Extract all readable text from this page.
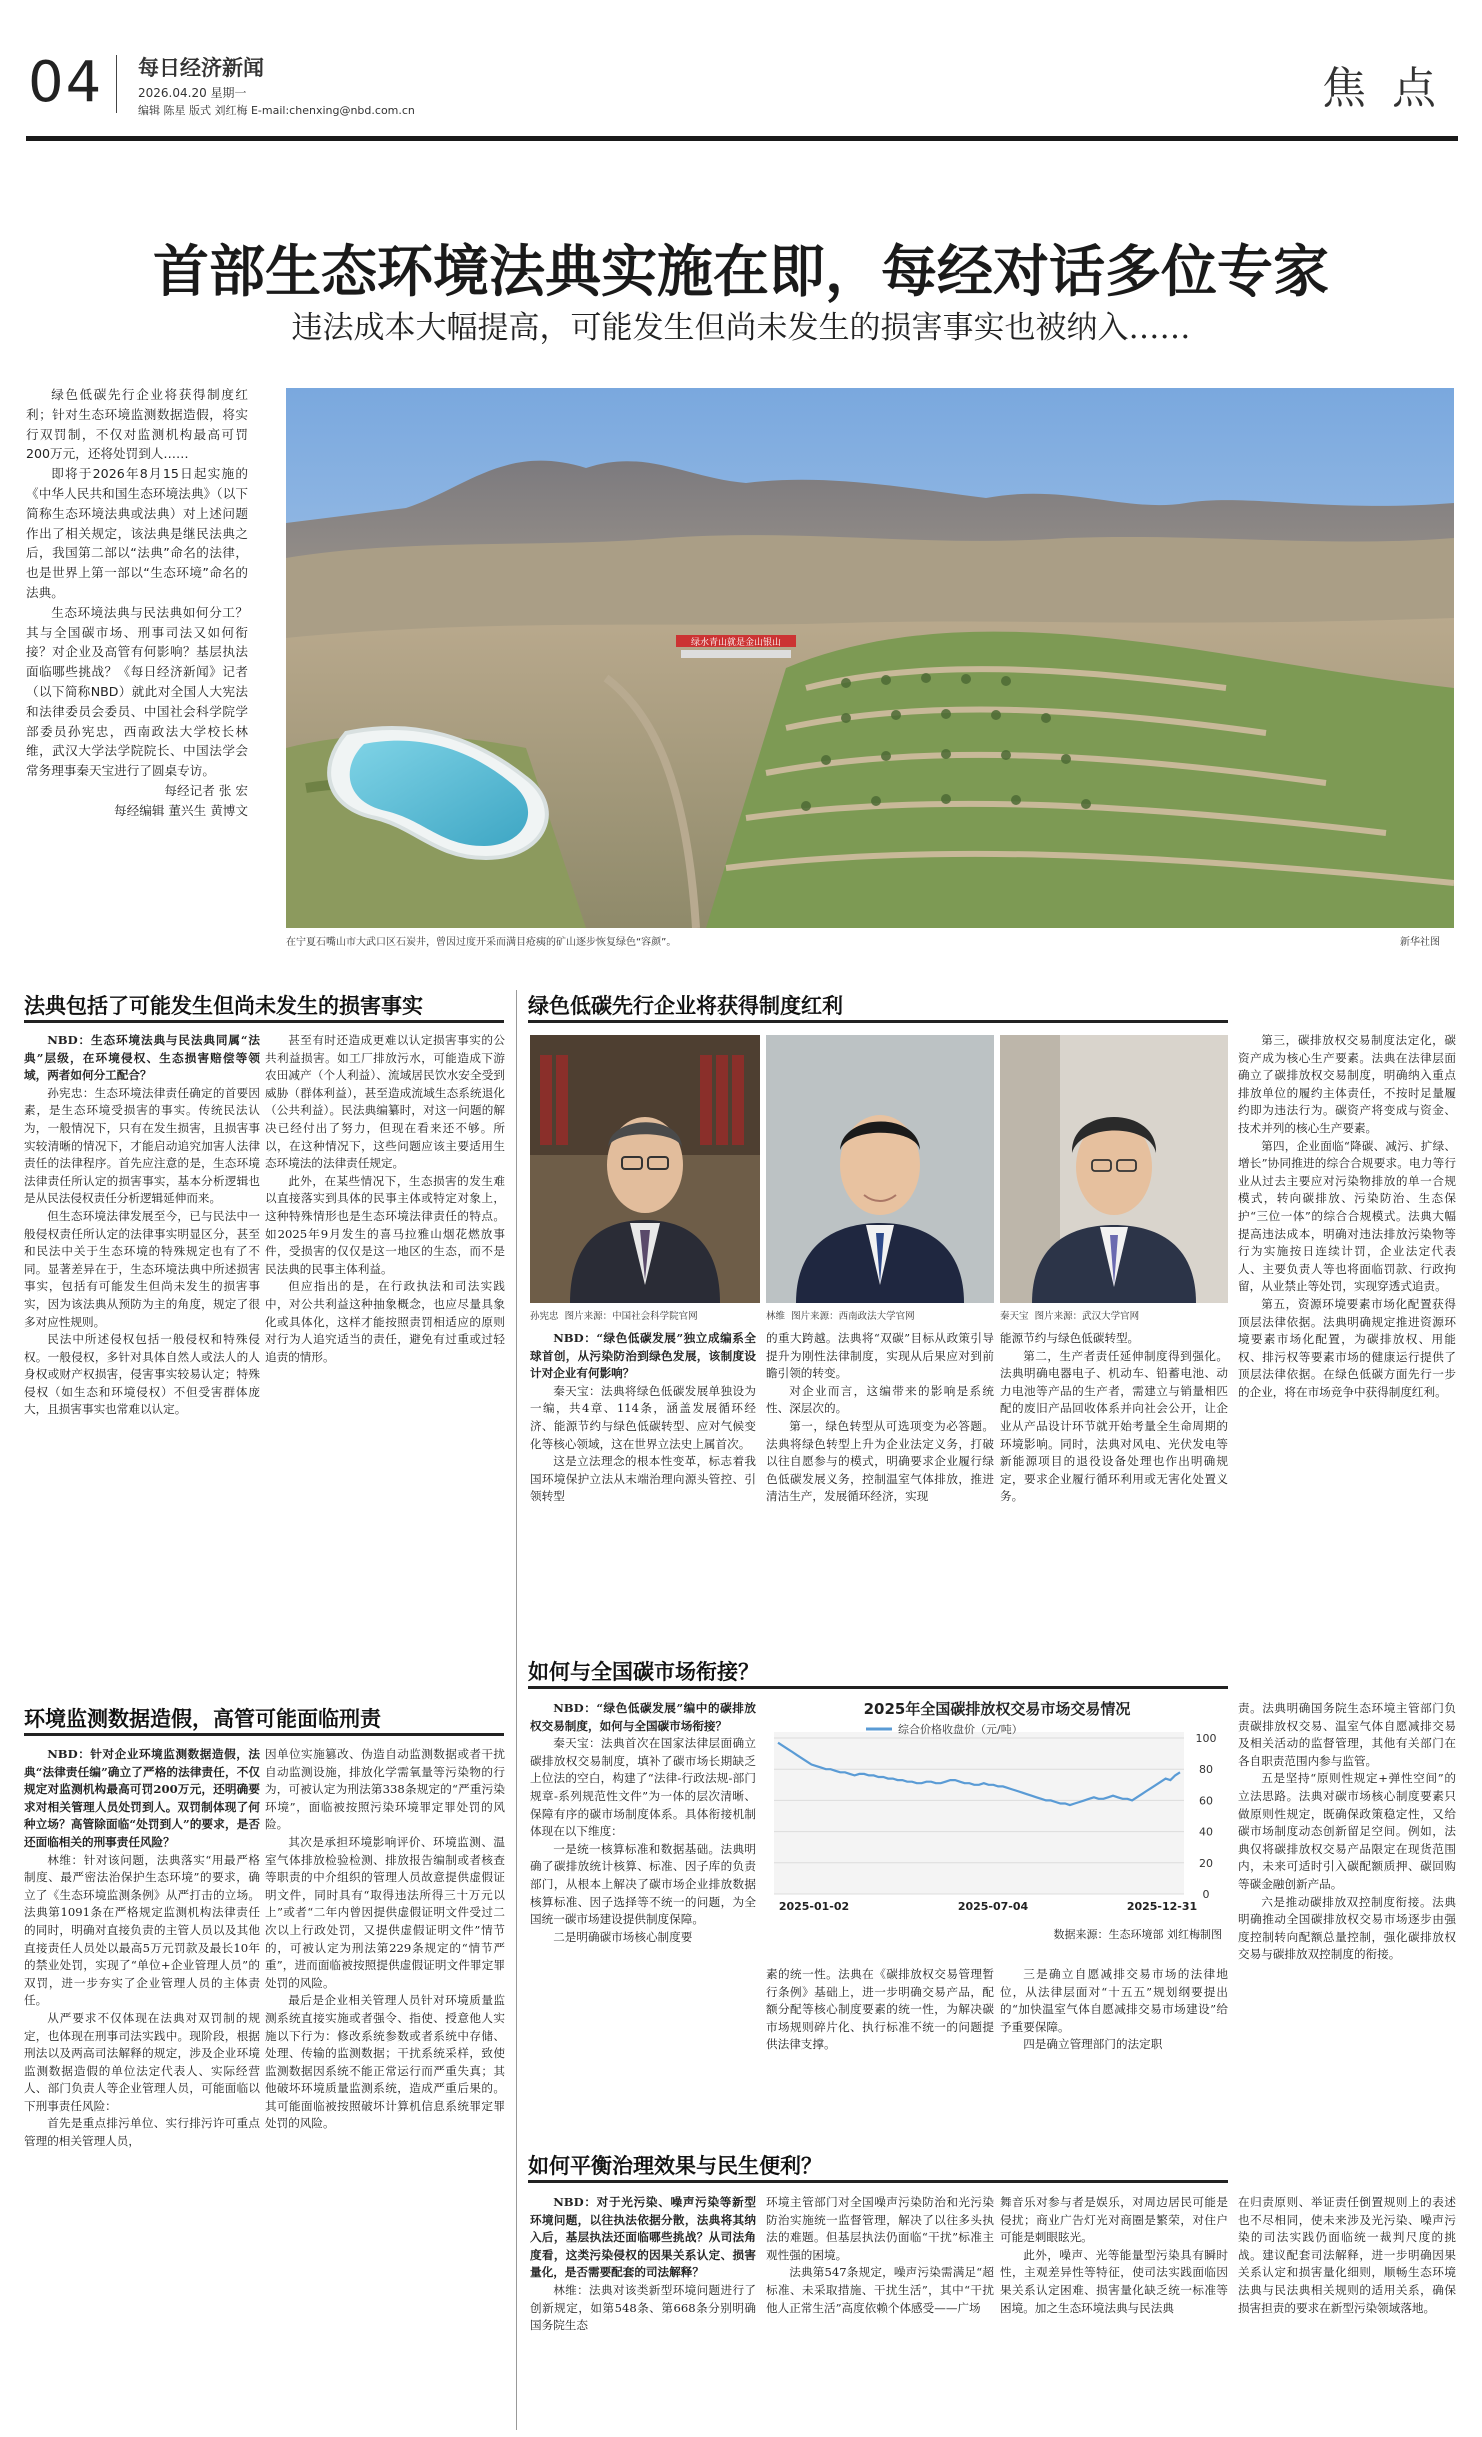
04 每日经济新闻
2026.04.20 星期一
编辑 陈星 版式 刘红梅 E-mail:chenxing@nbd.com.cn	焦 点
首部生态环境法典实施在即，每经对话多位专家
违法成本大幅提高，可能发生但尚未发生的损害事实也被纳入……

绿色低碳先行企业将获得制度红利；针对生态环境监测数据造假，将实行双罚制，不仅对监测机构最高可罚200万元，还将处罚到人……

即将于2026年8月15日起实施的《中华人民共和国生态环境法典》（以下简称生态环境法典或法典）对上述问题作出了相关规定，该法典是继民法典之后，我国第二部以“法典”命名的法律，也是世界上第一部以“生态环境”命名的法典。

生态环境法典与民法典如何分工？其与全国碳市场、刑事司法又如何衔接？对企业及高管有何影响？基层执法面临哪些挑战？《每日经济新闻》记者（以下简称NBD）就此对全国人大宪法和法律委员会委员、中国社会科学院学部委员孙宪忠，西南政法大学校长林维，武汉大学法学院院长、中国法学会常务理事秦天宝进行了圆桌专访。

每经记者 张 宏

每经编辑 董兴生 黄博文

绿水青山就是金山银山
在宁夏石嘴山市大武口区石炭井，曾因过度开采而满目疮痍的矿山逐步恢复绿色“容颜”。	新华社图
法典包括了可能发生但尚未发生的损害事实

NBD：生态环境法典与民法典同属“法典”层级，在环境侵权、生态损害赔偿等领域，两者如何分工配合？

孙宪忠：生态环境法律责任确定的首要因素，是生态环境受损害的事实。传统民法认为，一般情况下，只有在发生损害，且损害事实较清晰的情况下，才能启动追究加害人法律责任的法律程序。首先应注意的是，生态环境法律责任所认定的损害事实，基本分析逻辑也是从民法侵权责任分析逻辑延伸而来。

但生态环境法律发展至今，已与民法中一般侵权责任所认定的法律事实明显区分，甚至和民法中关于生态环境的特殊规定也有了不同。显著差异在于，生态环境法典中所述损害事实，包括有可能发生但尚未发生的损害事实，因为该法典从预防为主的角度，规定了很多对应性规则。

民法中所述侵权包括一般侵权和特殊侵权。一般侵权，多针对具体自然人或法人的人身权或财产权损害，侵害事实较易认定；特殊侵权（如生态和环境侵权）不但受害群体庞大，且损害事实也常难以认定。

甚至有时还造成更难以认定损害事实的公共利益损害。如工厂排放污水，可能造成下游农田减产（个人利益）、流域居民饮水安全受到威胁（群体利益），甚至造成流域生态系统退化（公共利益）。民法典编纂时，对这一问题的解决已经付出了努力，但现在看来还不够。所以，在这种情况下，这些问题应该主要适用生态环境法的法律责任规定。

此外，在某些情况下，生态损害的发生难以直接落实到具体的民事主体或特定对象上，这种特殊情形也是生态环境法律责任的特点。如2025年9月发生的喜马拉雅山烟花燃放事件，受损害的仅仅是这一地区的生态，而不是民法典的民事主体利益。

但应指出的是，在行政执法和司法实践中，对公共利益这种抽象概念，也应尽量具象化或具体化，这样才能按照责罚相适应的原则对行为人追究适当的责任，避免有过重或过轻追责的情形。

环境监测数据造假，高管可能面临刑责

NBD：针对企业环境监测数据造假，法典“法律责任编”确立了严格的法律责任，不仅规定对监测机构最高可罚200万元，还明确要求对相关管理人员处罚到人。双罚制体现了何种立场？高管除面临“处罚到人”的要求，是否还面临相关的刑事责任风险？

林维：针对该问题，法典落实“用最严格制度、最严密法治保护生态环境”的要求，确立了《生态环境监测条例》从严打击的立场。法典第1091条在严格规定监测机构法律责任的同时，明确对直接负责的主管人员以及其他直接责任人员处以最高5万元罚款及最长10年的禁业处罚，实现了“单位+企业管理人员”的双罚，进一步夯实了企业管理人员的主体责任。

从严要求不仅体现在法典对双罚制的规定，也体现在刑事司法实践中。现阶段，根据刑法以及两高司法解释的规定，涉及企业环境监测数据造假的单位法定代表人、实际经营人、部门负责人等企业管理人员，可能面临以下刑事责任风险：

首先是重点排污单位、实行排污许可重点管理的相关管理人员，

因单位实施篡改、伪造自动监测数据或者干扰自动监测设施，排放化学需氧量等污染物的行为，可被认定为刑法第338条规定的“严重污染环境”，面临被按照污染环境罪定罪处罚的风险。

其次是承担环境影响评价、环境监测、温室气体排放检验检测、排放报告编制或者核查等职责的中介组织的管理人员故意提供虚假证明文件，同时具有“取得违法所得三十万元以上”或者“二年内曾因提供虚假证明文件受过二次以上行政处罚，又提供虚假证明文件”情节的，可被认定为刑法第229条规定的“情节严重”，进而面临被按照提供虚假证明文件罪定罪处罚的风险。

最后是企业相关管理人员针对环境质量监测系统直接实施或者强令、指使、授意他人实施以下行为：修改系统参数或者系统中存储、处理、传输的监测数据；干扰系统采样，致使监测数据因系统不能正常运行而严重失真；其他破坏环境质量监测系统，造成严重后果的。其可能面临被按照破坏计算机信息系统罪定罪处罚的风险。

绿色低碳先行企业将获得制度红利
孙宪忠 图片来源：中国社会科学院官网	林维 图片来源：西南政法大学官网	秦天宝 图片来源：武汉大学官网

NBD：“绿色低碳发展”独立成编系全球首创，从污染防治到绿色发展，该制度设计对企业有何影响？

秦天宝：法典将绿色低碳发展单独设为一编，共4章、114条，涵盖发展循环经济、能源节约与绿色低碳转型、应对气候变化等核心领域，这在世界立法史上属首次。

这是立法理念的根本性变革，标志着我国环境保护立法从末端治理向源头管控、引领转型

的重大跨越。法典将“双碳”目标从政策引导提升为刚性法律制度，实现从后果应对到前瞻引领的转变。

对企业而言，这编带来的影响是系统性、深层次的。

第一，绿色转型从可选项变为必答题。法典将绿色转型上升为企业法定义务，打破以往自愿参与的模式，明确要求企业履行绿色低碳发展义务，控制温室气体排放，推进清洁生产，发展循环经济，实现

能源节约与绿色低碳转型。

第二，生产者责任延伸制度得到强化。法典明确电器电子、机动车、铅蓄电池、动力电池等产品的生产者，需建立与销量相匹配的废旧产品回收体系并向社会公开，让企业从产品设计环节就开始考量全生命周期的环境影响。同时，法典对风电、光伏发电等新能源项目的退役设备处理也作出明确规定，要求企业履行循环利用或无害化处置义务。

第三，碳排放权交易制度法定化，碳资产成为核心生产要素。法典在法律层面确立了碳排放权交易制度，明确纳入重点排放单位的履约主体责任，不按时足量履约即为违法行为。碳资产将变成与资金、技术并列的核心生产要素。

第四，企业面临“降碳、减污、扩绿、增长”协同推进的综合合规要求。电力等行业从过去主要应对污染物排放的单一合规模式，转向碳排放、污染防治、生态保护“三位一体”的综合合规模式。法典大幅提高违法成本，明确对违法排放污染物等行为实施按日连续计罚，企业法定代表人、主要负责人等也将面临罚款、行政拘留，从业禁止等处罚，实现穿透式追责。

第五，资源环境要素市场化配置获得顶层法律依据。法典明确规定推进资源环境要素市场化配置，为碳排放权、用能权、排污权等要素市场的健康运行提供了顶层法律依据。在绿色低碳方面先行一步的企业，将在市场竞争中获得制度红利。

如何与全国碳市场衔接？

NBD：“绿色低碳发展”编中的碳排放权交易制度，如何与全国碳市场衔接？

秦天宝：法典首次在国家法律层面确立碳排放权交易制度，填补了碳市场长期缺乏上位法的空白，构建了“法律-行政法规-部门规章-系列规范性文件”为一体的层次清晰、保障有序的碳市场制度体系。具体衔接机制体现在以下维度：

一是统一核算标准和数据基础。法典明确了碳排放统计核算、标准、因子库的负责部门，从根本上解决了碳市场企业排放数据核算标准、因子选择等不统一的问题，为全国统一碳市场建设提供制度保障。

二是明确碳市场核心制度要

2025年全国碳排放权交易市场交易情况
0
20
40
60
80
100
综合价格收盘价（元/吨）
2025-01-02	2025-07-04	2025-12-31
数据来源：生态环境部 刘红梅制图

素的统一性。法典在《碳排放权交易管理暂行条例》基础上，进一步明确交易产品，配额分配等核心制度要素的统一性，为解决碳市场规则碎片化、执行标准不统一的问题提供法律支撑。

三是确立自愿减排交易市场的法律地位，从法律层面对“十五五”规划纲要提出的“加快温室气体自愿减排交易市场建设”给予重要保障。

四是确立管理部门的法定职

责。法典明确国务院生态环境主管部门负责碳排放权交易、温室气体自愿减排交易及相关活动的监督管理，其他有关部门在各自职责范围内参与监管。

五是坚持“原则性规定+弹性空间”的立法思路。法典对碳市场核心制度要素只做原则性规定，既确保政策稳定性，又给碳市场制度动态创新留足空间。例如，法典仅将碳排放权交易产品限定在现货范围内，未来可适时引入碳配额质押、碳回购等碳金融创新产品。

六是推动碳排放双控制度衔接。法典明确推动全国碳排放权交易市场逐步由强度控制转向配额总量控制，强化碳排放权交易与碳排放双控制度的衔接。

如何平衡治理效果与民生便利？

NBD：对于光污染、噪声污染等新型环境问题，以往执法依据分散，法典将其纳入后，基层执法还面临哪些挑战？从司法角度看，这类污染侵权的因果关系认定、损害量化，是否需要配套的司法解释？

林维：法典对该类新型环境问题进行了创新规定，如第548条、第668条分别明确国务院生态

环境主管部门对全国噪声污染防治和光污染防治实施统一监督管理，解决了以往多头执法的难题。但基层执法仍面临“干扰”标准主观性强的困境。

法典第547条规定，噪声污染需满足“超标准、未采取措施、干扰生活”，其中“干扰他人正常生活”高度依赖个体感受——广场

舞音乐对参与者是娱乐，对周边居民可能是侵扰；商业广告灯光对商圈是繁荣，对住户可能是刺眼眩光。

此外，噪声、光等能量型污染具有瞬时性，主观差异性等特征，使司法实践面临因果关系认定困难、损害量化缺乏统一标准等困境。加之生态环境法典与民法典

在归责原则、举证责任倒置规则上的表述也不尽相同，使未来涉及光污染、噪声污染的司法实践仍面临统一裁判尺度的挑战。建议配套司法解释，进一步明确因果关系认定和损害量化细则，顺畅生态环境法典与民法典相关规则的适用关系，确保损害担责的要求在新型污染领域落地。
